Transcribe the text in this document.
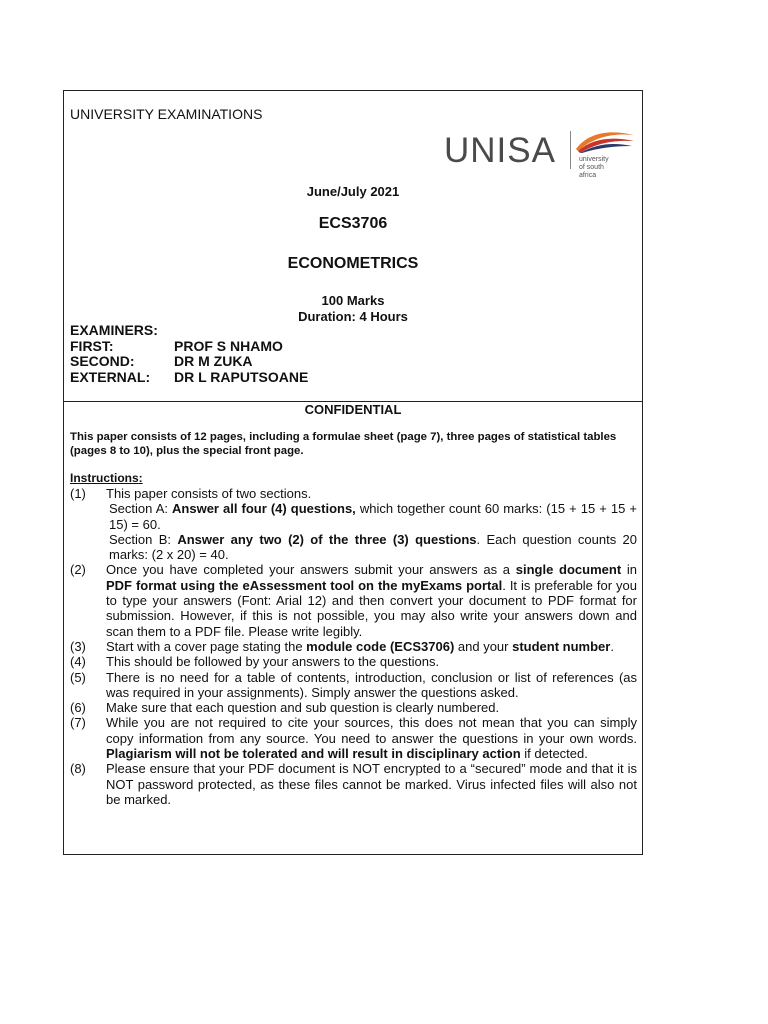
UNIVERSITY EXAMINATIONS
UNISA	university
of south africa
June/July 2021
ECS3706
ECONOMETRICS
100 Marks
Duration: 4 Hours
EXAMINERS:
FIRST:	PROF S NHAMO
SECOND:	DR M ZUKA
EXTERNAL:	DR L RAPUTSOANE
CONFIDENTIAL
This paper consists of 12 pages, including a formulae sheet (page 7), three pages of statistical tables (pages 8 to 10), plus the special front page.
Instructions:
(1)	This paper consists of two sections.
Section A: Answer all four (4) questions, which together count 60 marks: (15 + 15 + 15 + 15) = 60.
Section B: Answer any two (2) of the three (3) questions. Each question counts 20 marks: (2 x 20) = 40.
(2)	Once you have completed your answers submit your answers as a single document in PDF format using the eAssessment tool on the myExams portal. It is preferable for you to type your answers (Font: Arial 12) and then convert your document to PDF format for submission. However, if this is not possible, you may also write your answers down and scan them to a PDF file. Please write legibly.
(3)	Start with a cover page stating the module code (ECS3706) and your student number.
(4)	This should be followed by your answers to the questions.
(5)	There is no need for a table of contents, introduction, conclusion or list of references (as was required in your assignments). Simply answer the questions asked.
(6)	Make sure that each question and sub question is clearly numbered.
(7)	While you are not required to cite your sources, this does not mean that you can simply copy information from any source. You need to answer the questions in your own words. Plagiarism will not be tolerated and will result in disciplinary action if detected.
(8)	Please ensure that your PDF document is NOT encrypted to a “secured” mode and that it is NOT password protected, as these files cannot be marked. Virus infected files will also not be marked.
